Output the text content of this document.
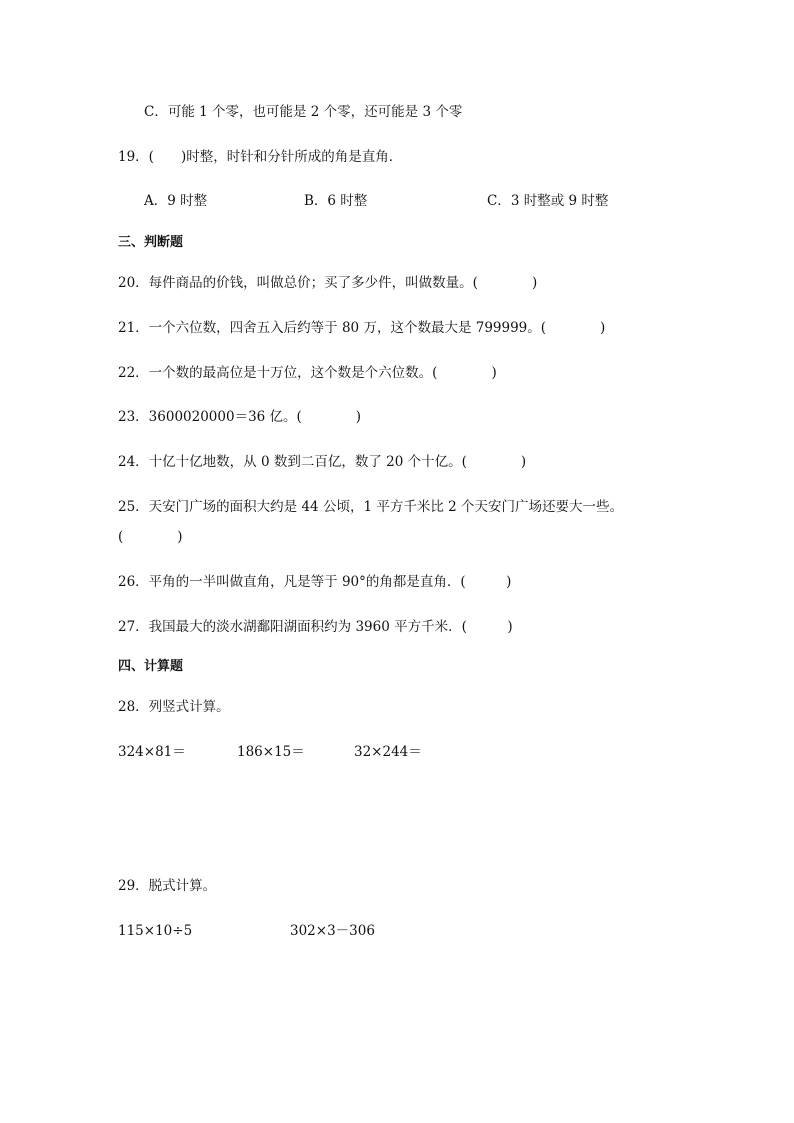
C．可能 1 个零，也可能是 2 个零，还可能是 3 个零
19．(　　)时整，时针和分针所成的角是直角．
A．9 时整	B．6 时整	C．3 时整或 9 时整
三、判断题
20．每件商品的价钱，叫做总价；买了多少件，叫做数量。(　　　　)
21．一个六位数，四舍五入后约等于 80 万，这个数最大是 799999。(　　　　)
22．一个数的最高位是十万位，这个数是个六位数。(　　　　)
23．3600020000＝36 亿。(　　　　)
24．十亿十亿地数，从 0 数到二百亿，数了 20 个十亿。(　　　　)
25．天安门广场的面积大约是 44 公顷，1 平方千米比 2 个天安门广场还要大一些。
(　　　　)
26．平角的一半叫做直角，凡是等于 90°的角都是直角．(　　　)
27．我国最大的淡水湖鄱阳湖面积约为 3960 平方千米．(　　　)
四、计算题
28．列竖式计算。
324×81＝	186×15＝	32×244＝
29．脱式计算。
115×10÷5	302×3－306
